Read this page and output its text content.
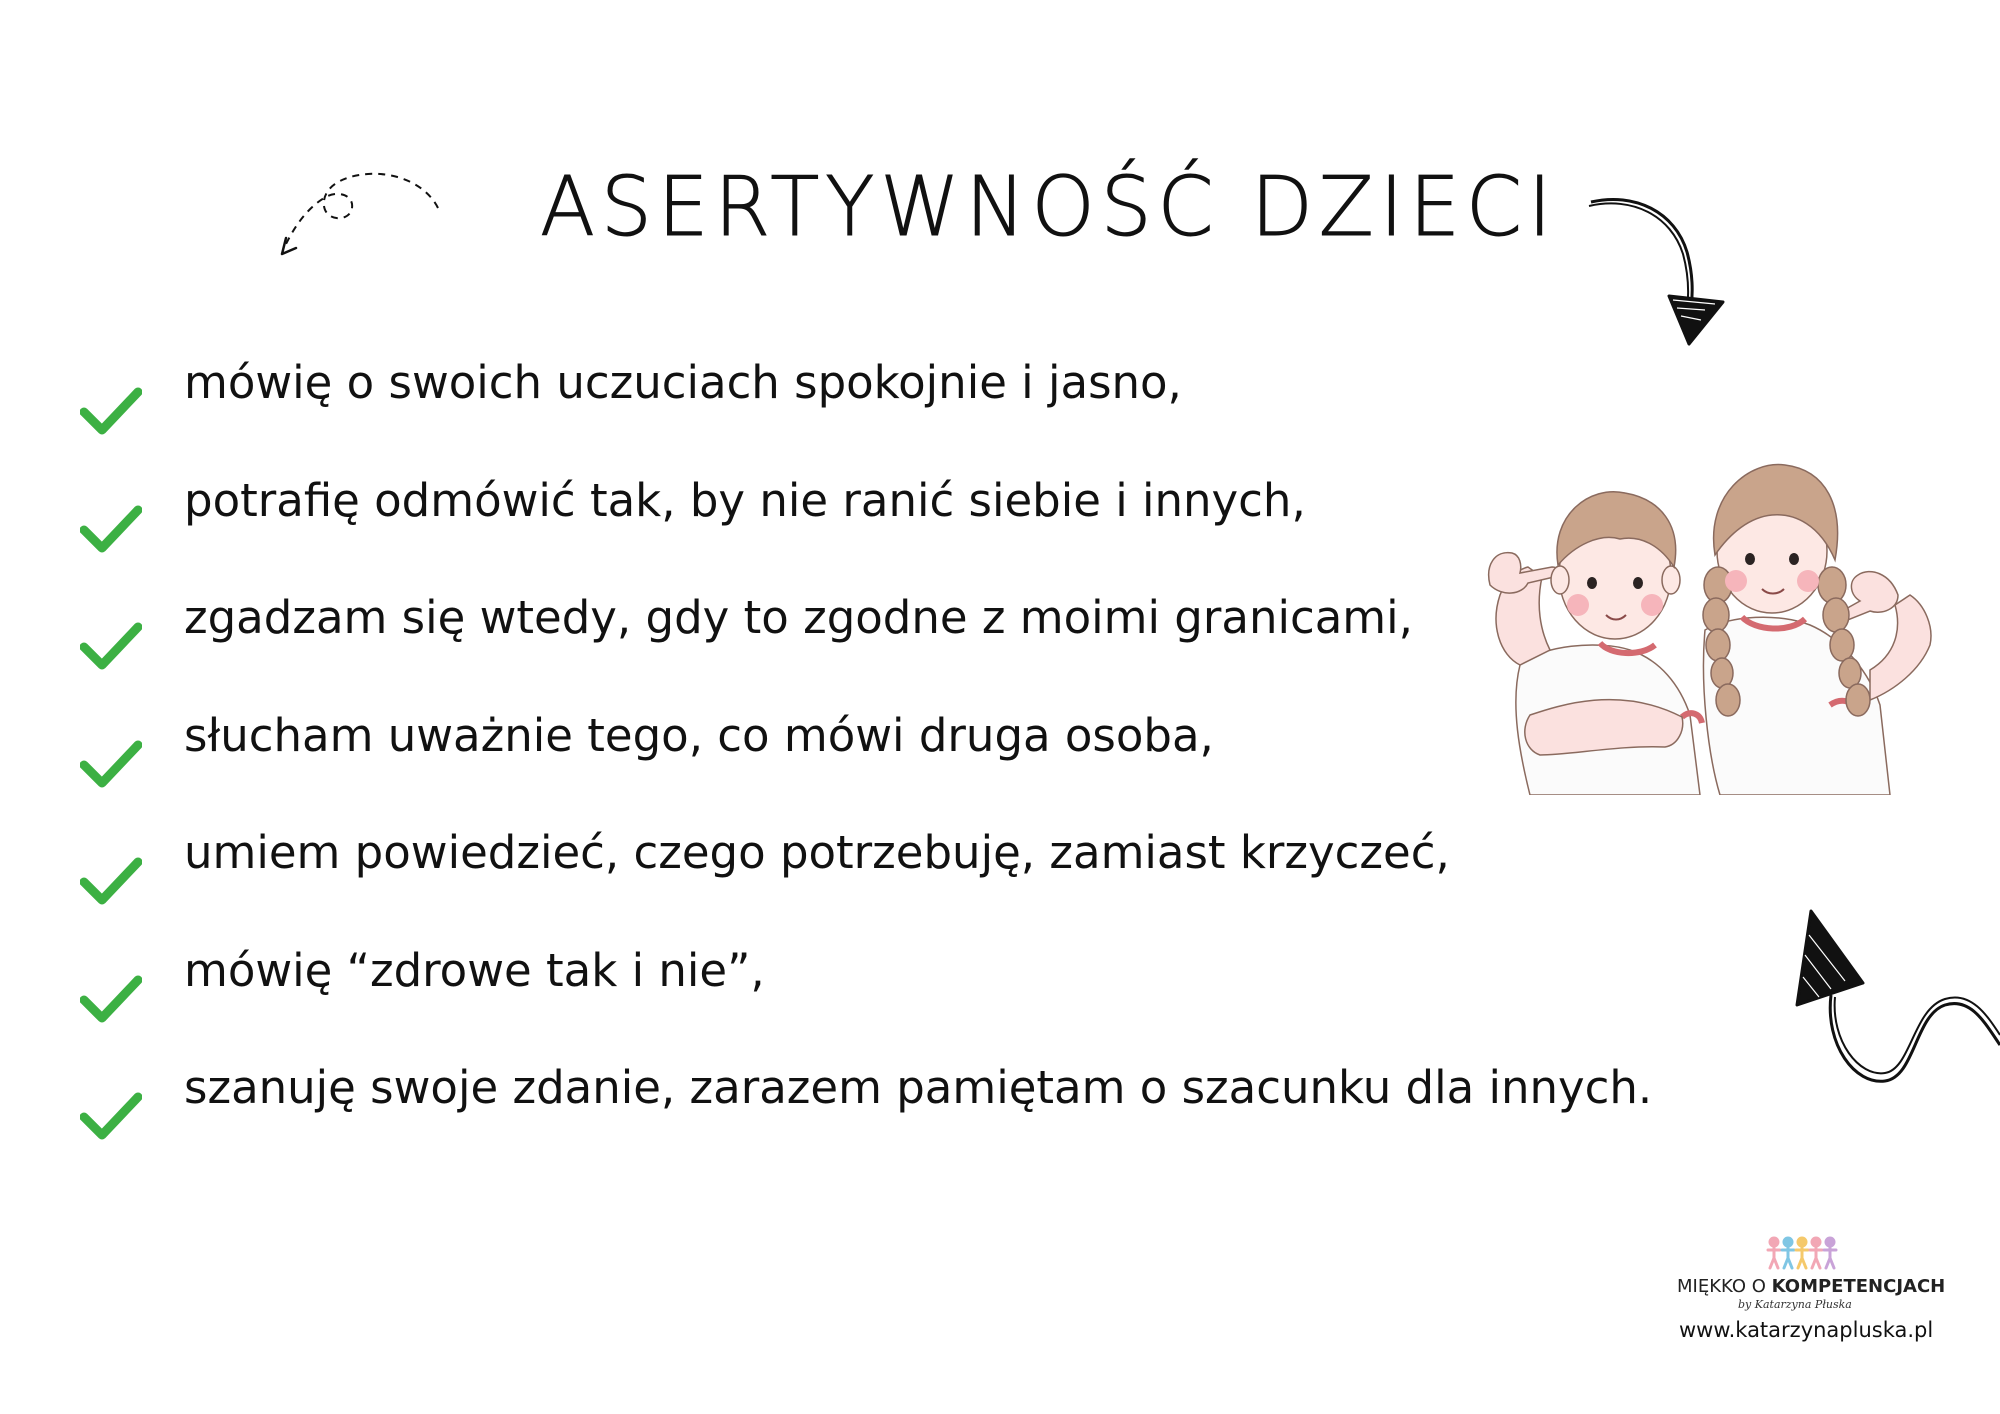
ASERTYWNOŚĆ DZIECI
mówię o swoich uczuciach spokojnie i jasno,
potrafię odmówić tak, by nie ranić siebie i innych,
zgadzam się wtedy, gdy to zgodne z moimi granicami,
słucham uważnie tego, co mówi druga osoba,
umiem powiedzieć, czego potrzebuję, zamiast krzyczeć,
mówię “zdrowe tak i nie”,
szanuję swoje zdanie, zarazem pamiętam o szacunku dla innych.
MIĘKKO O KOMPETENCJACH
by Katarzyna Płuska
www.katarzynapluska.pl
